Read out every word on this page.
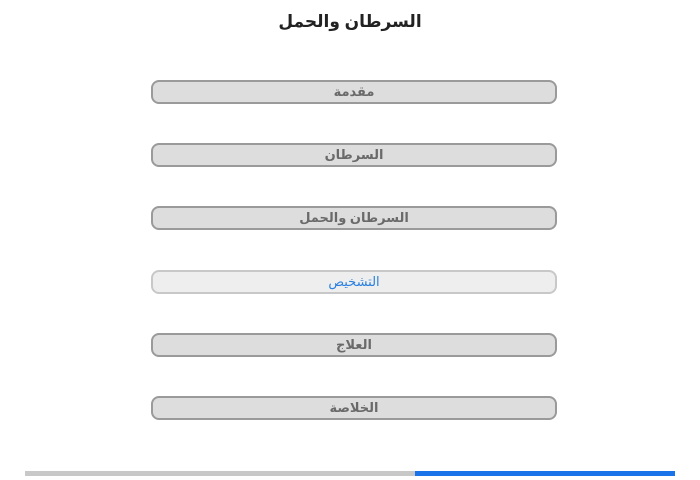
السرطان والحمل
مقدمة
السرطان
السرطان والحمل
التشخيص
العلاج
الخلاصة
